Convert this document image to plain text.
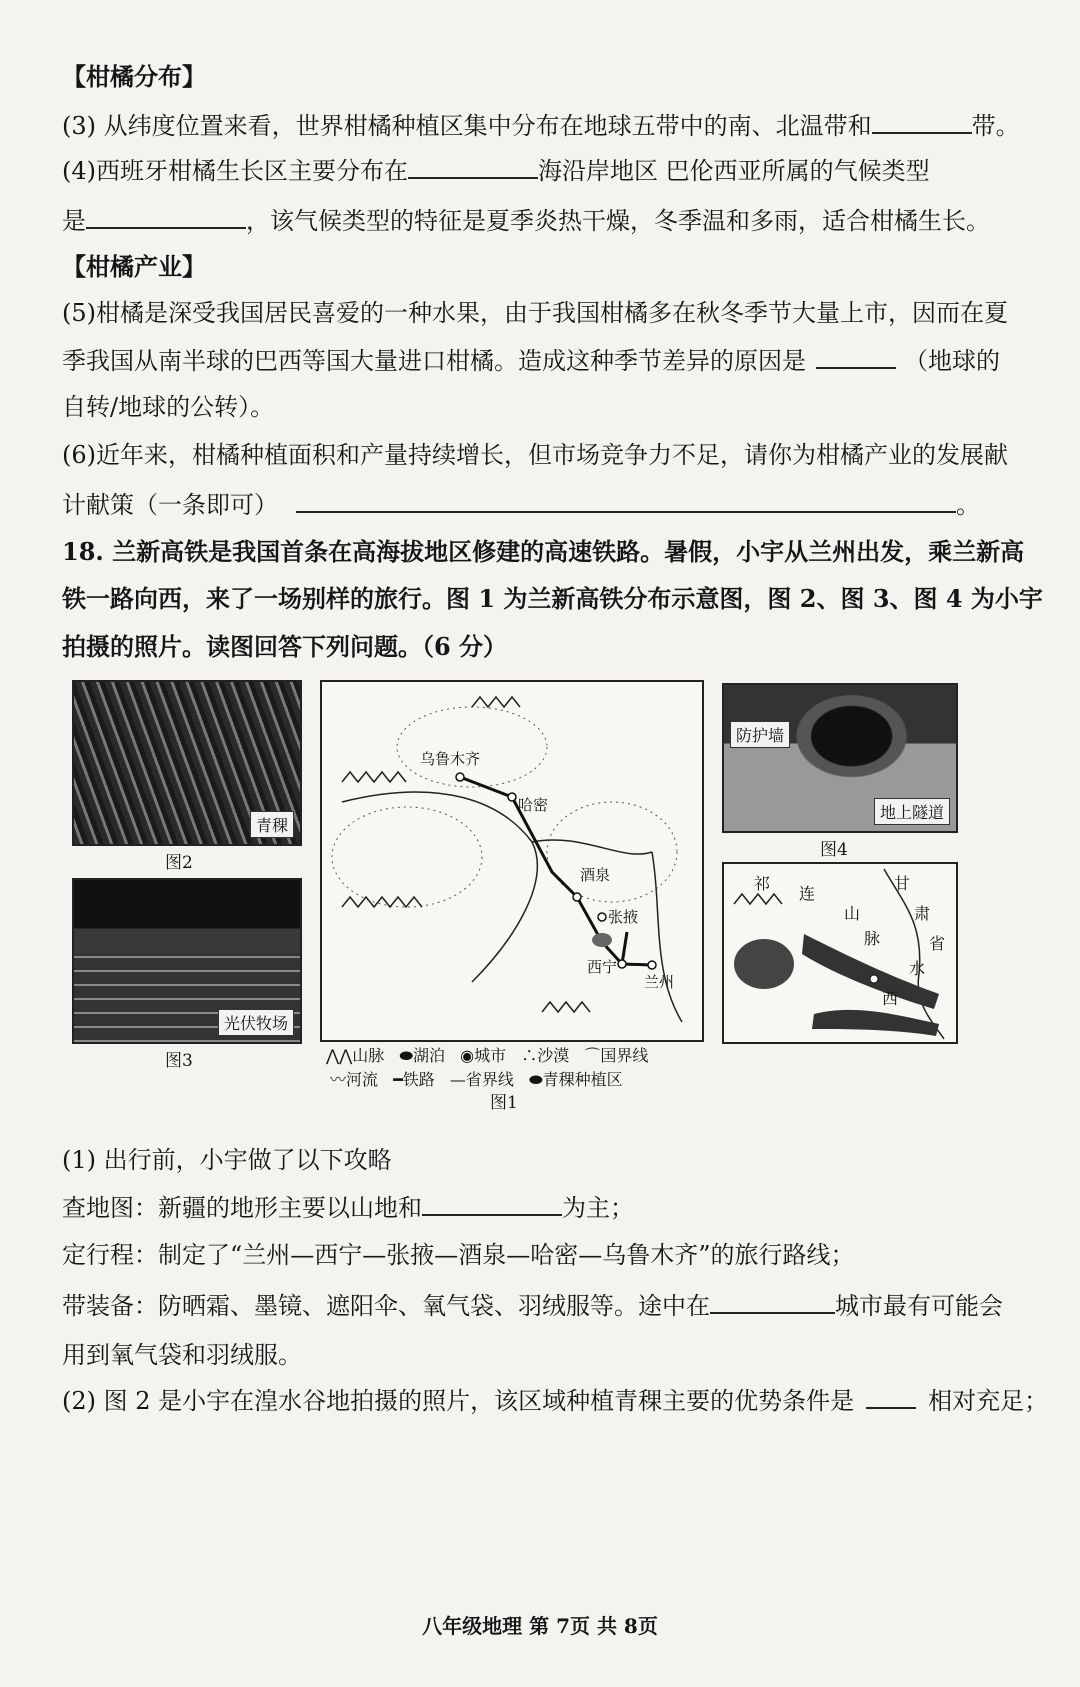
【柑橘分布】
(3) 从纬度位置来看，世界柑橘种植区集中分布在地球五带中的南、北温带和	带。
(4)西班牙柑橘生长区主要分布在	海沿岸地区 巴伦西亚所属的气候类型
是	，该气候类型的特征是夏季炎热干燥，冬季温和多雨，适合柑橘生长。
【柑橘产业】
(5)柑橘是深受我国居民喜爱的一种水果，由于我国柑橘多在秋冬季节大量上市，因而在夏
季我国从南半球的巴西等国大量进口柑橘。造成这种季节差异的原因是	（地球的
自转/地球的公转）。
(6)近年来，柑橘种植面积和产量持续增长，但市场竞争力不足，请你为柑橘产业的发展献
计献策（一条即可）	。
18. 兰新高铁是我国首条在高海拔地区修建的高速铁路。暑假，小宇从兰州出发，乘兰新高
铁一路向西，来了一场别样的旅行。图 1 为兰新高铁分布示意图，图 2、图 3、图 4 为小宇
拍摄的照片。读图回答下列问题。（6 分）
青稞
图2
光伏牧场
图3
乌鲁木齐
哈密
酒泉
张掖
西宁
兰州
⋀⋀山脉 ⬬湖泊 ◉城市 ∴沙漠 ⌒国界线
〰河流 ━铁路 —省界线 ⬬青稞种植区
图1
防护墙
地上隧道
图4
祁
连
山
脉
甘
肃
省
水
西
(1) 出行前，小宇做了以下攻略
查地图：新疆的地形主要以山地和	为主；
定行程：制定了“兰州—西宁—张掖—酒泉—哈密—乌鲁木齐”的旅行路线；
带装备：防晒霜、墨镜、遮阳伞、氧气袋、羽绒服等。途中在	城市最有可能会
用到氧气袋和羽绒服。
(2) 图 2 是小宇在湟水谷地拍摄的照片，该区域种植青稞主要的优势条件是	相对充足；
八年级地理 第 7页 共 8页
